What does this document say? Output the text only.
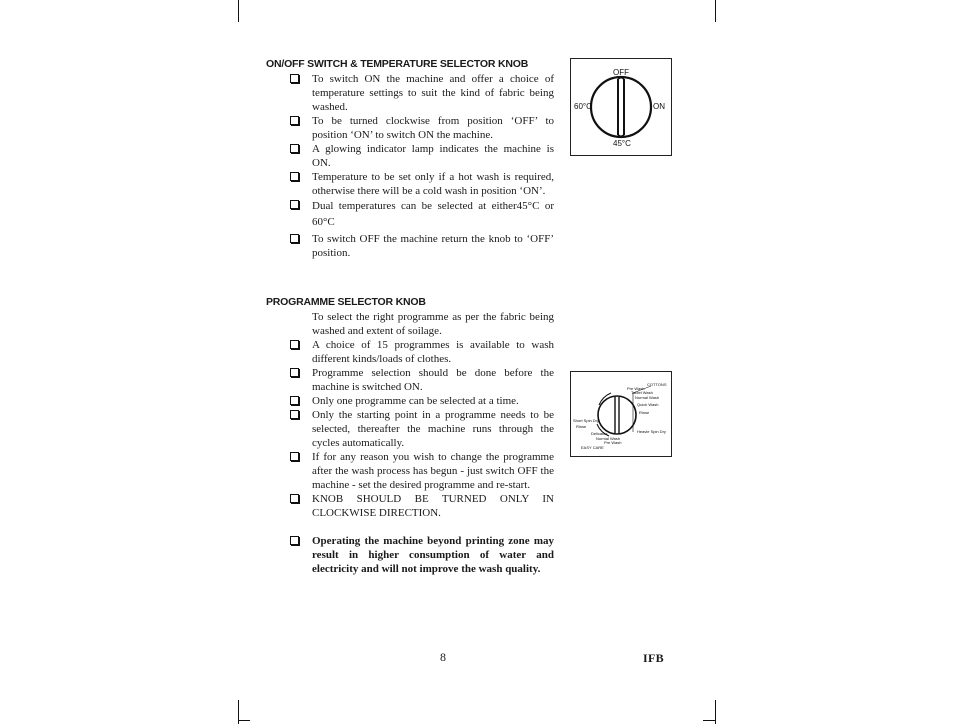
ON/OFF SWITCH & TEMPERATURE SELECTOR KNOB
To switch ON the machine and offer a choice of temperature settings to suit the kind of fabric being washed.
To be turned clockwise from position ‘OFF’ to position ‘ON’ to switch ON the machine.
A glowing indicator lamp indicates the machine is ON.
Temperature to be set only if a hot wash is required, otherwise there will be a cold wash in position ‘ON’.
Dual temperatures can be selected at either45°C or 60°C
To switch OFF the machine return the knob to ‘OFF’ position.
OFF
ON
60°C
45°C
PROGRAMME SELECTOR KNOB

To select the right programme as per the fabric being washed and extent of soilage.

A choice of 15 programmes is available to wash different kinds/loads of clothes.
Programme selection should be done before the machine is switched ON.
Only one programme can be selected at a time.
Only the starting point in a programme needs to be selected, thereafter the machine runs through the cycles automatically.
If for any reason you wish to change the programme after the wash process has begun - just switch OFF the machine - set the desired programme and re-start.
KNOB SHOULD BE TURNED ONLY IN CLOCKWISE DIRECTION.
Operating the machine beyond printing zone may result in higher consumption of water and electricity and will not improve the wash quality.
COTTONS
Pre Wash
Tablet Wash
Normal Wash
Quick Wash
Rinse
Heavie Spin Dry
Short Spin Dry
Rinse
Delicates
Normal Wash
Pre Wash
EASY CARE
8	IFB
